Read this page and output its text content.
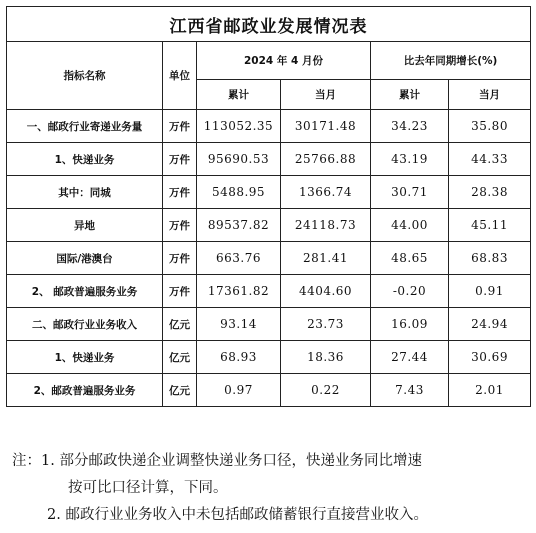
江西省邮政业发展情况表					
指标名称	单位	2024 年 4 月份		比去年同期增长(%)	
		累计	当月	累计	当月
一、邮政行业寄递业务量	万件	113052.35	30171.48	34.23	35.80
1、快递业务	万件	95690.53	25766.88	43.19	44.33
其中：同城	万件	5488.95	1366.74	30.71	28.38
异地	万件	89537.82	24118.73	44.00	45.11
国际/港澳台	万件	663.76	281.41	48.65	68.83
2、 邮政普遍服务业务	万件	17361.82	4404.60	-0.20	0.91
二、邮政行业业务收入	亿元	93.14	23.73	16.09	24.94
1、快递业务	亿元	68.93	18.36	27.44	30.69
2、邮政普遍服务业务	亿元	0.97	0.22	7.43	2.01
注：1. 部分邮政快递企业调整快递业务口径，快递业务同比增速
按可比口径计算，下同。
2. 邮政行业业务收入中未包括邮政储蓄银行直接营业收入。
